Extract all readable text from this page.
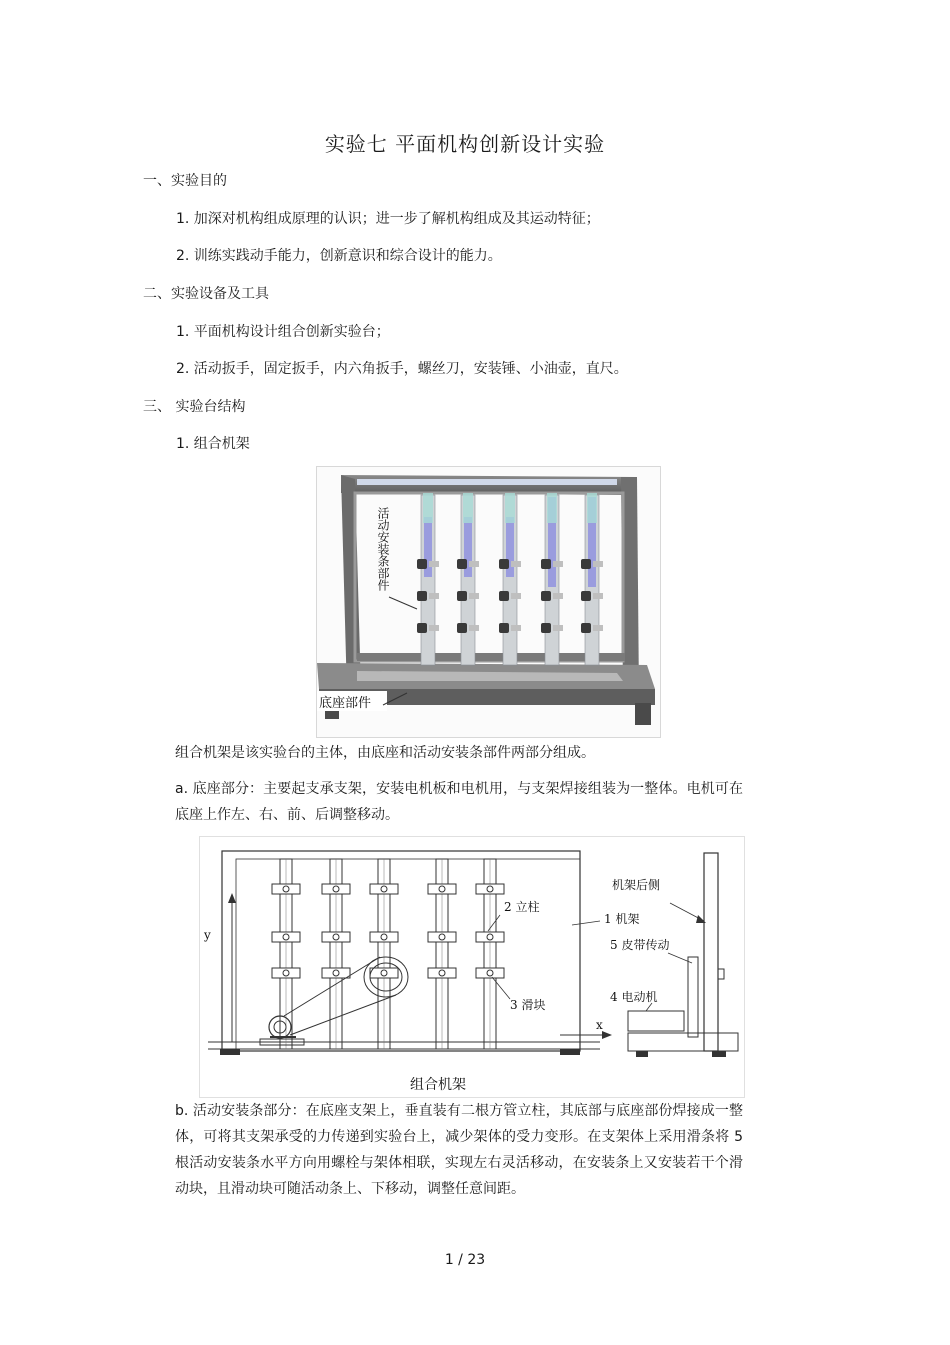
实验七 平面机构创新设计实验
一、实验目的
1. 加深对机构组成原理的认识；进一步了解机构组成及其运动特征；
2. 训练实践动手能力，创新意识和综合设计的能力。
二、实验设备及工具
1. 平面机构设计组合创新实验台；
2. 活动扳手，固定扳手，内六角扳手，螺丝刀，安装锤、小油壶，直尺。
三、 实验台结构
1. 组合机架
活动安装条部件
底座部件
组合机架是该实验台的主体，由底座和活动安装条部件两部分组成。
a. 底座部分：主要起支承支架，安装电机板和电机用，与支架焊接组装为一整体。电机可在底座上作左、右、前、后调整移动。
y
x
2 立柱
1 机架
3 滑块
机架后侧
5 皮带传动
4 电动机
组合机架
b. 活动安装条部分：在底座支架上，垂直装有二根方管立柱，其底部与底座部份焊接成一整体，可将其支架承受的力传递到实验台上，减少架体的受力变形。在支架体上采用滑条将 5 根活动安装条水平方向用螺栓与架体相联，实现左右灵活移动，在安装条上又安装若干个滑动块，且滑动块可随活动条上、下移动，调整任意间距。
1 / 23
